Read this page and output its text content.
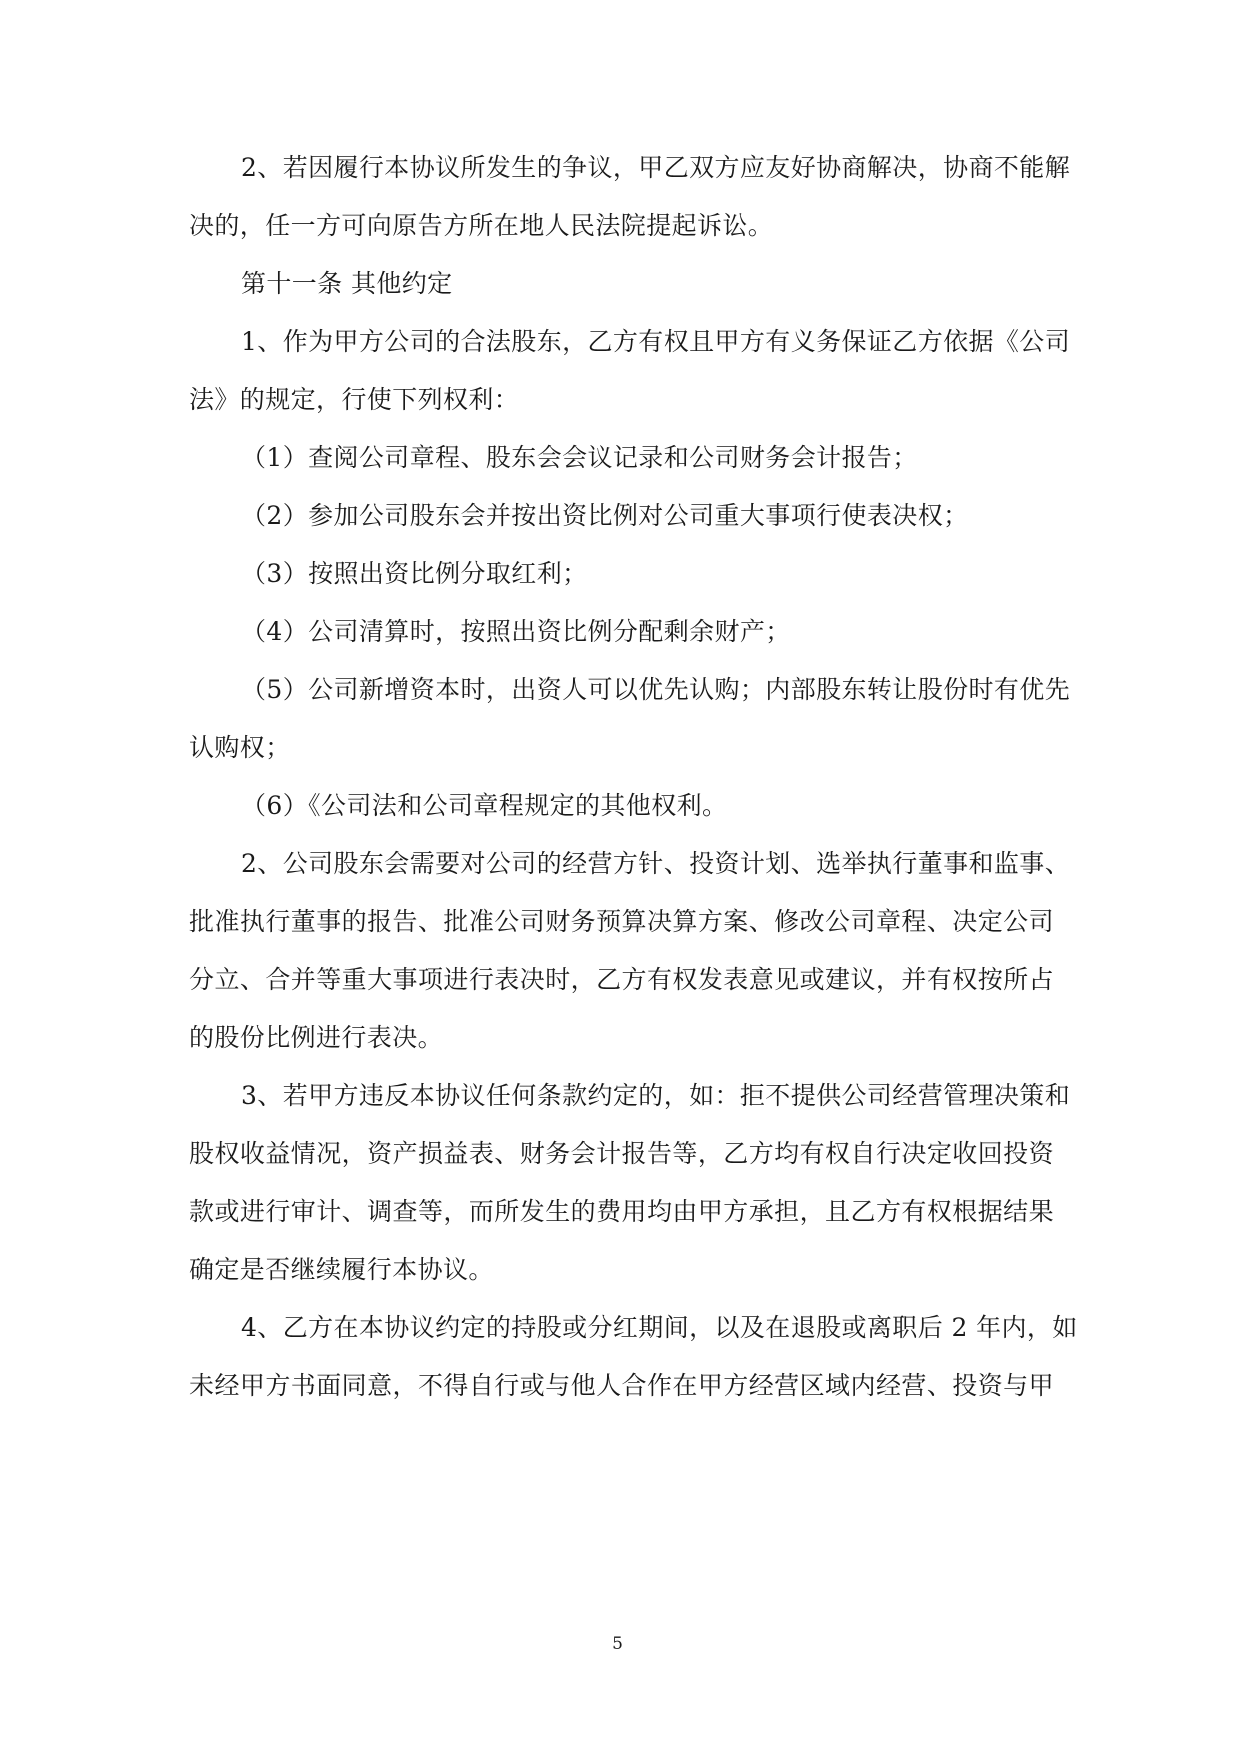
2、若因履行本协议所发生的争议，甲乙双方应友好协商解决，协商不能解
决的，任一方可向原告方所在地人民法院提起诉讼。
第十一条 其他约定
1、作为甲方公司的合法股东，乙方有权且甲方有义务保证乙方依据《公司
法》的规定，行使下列权利：
（1）查阅公司章程、股东会会议记录和公司财务会计报告；
（2）参加公司股东会并按出资比例对公司重大事项行使表决权；
（3）按照出资比例分取红利；
（4）公司清算时，按照出资比例分配剩余财产；
（5）公司新增资本时，出资人可以优先认购；内部股东转让股份时有优先
认购权；
（6）《公司法和公司章程规定的其他权利。
2、公司股东会需要对公司的经营方针、投资计划、选举执行董事和监事、
批准执行董事的报告、批准公司财务预算决算方案、修改公司章程、决定公司
分立、合并等重大事项进行表决时，乙方有权发表意见或建议，并有权按所占
的股份比例进行表决。
3、若甲方违反本协议任何条款约定的，如：拒不提供公司经营管理决策和
股权收益情况，资产损益表、财务会计报告等，乙方均有权自行决定收回投资
款或进行审计、调查等，而所发生的费用均由甲方承担，且乙方有权根据结果
确定是否继续履行本协议。
4、乙方在本协议约定的持股或分红期间，以及在退股或离职后 2 年内，如
未经甲方书面同意，不得自行或与他人合作在甲方经营区域内经营、投资与甲
5
